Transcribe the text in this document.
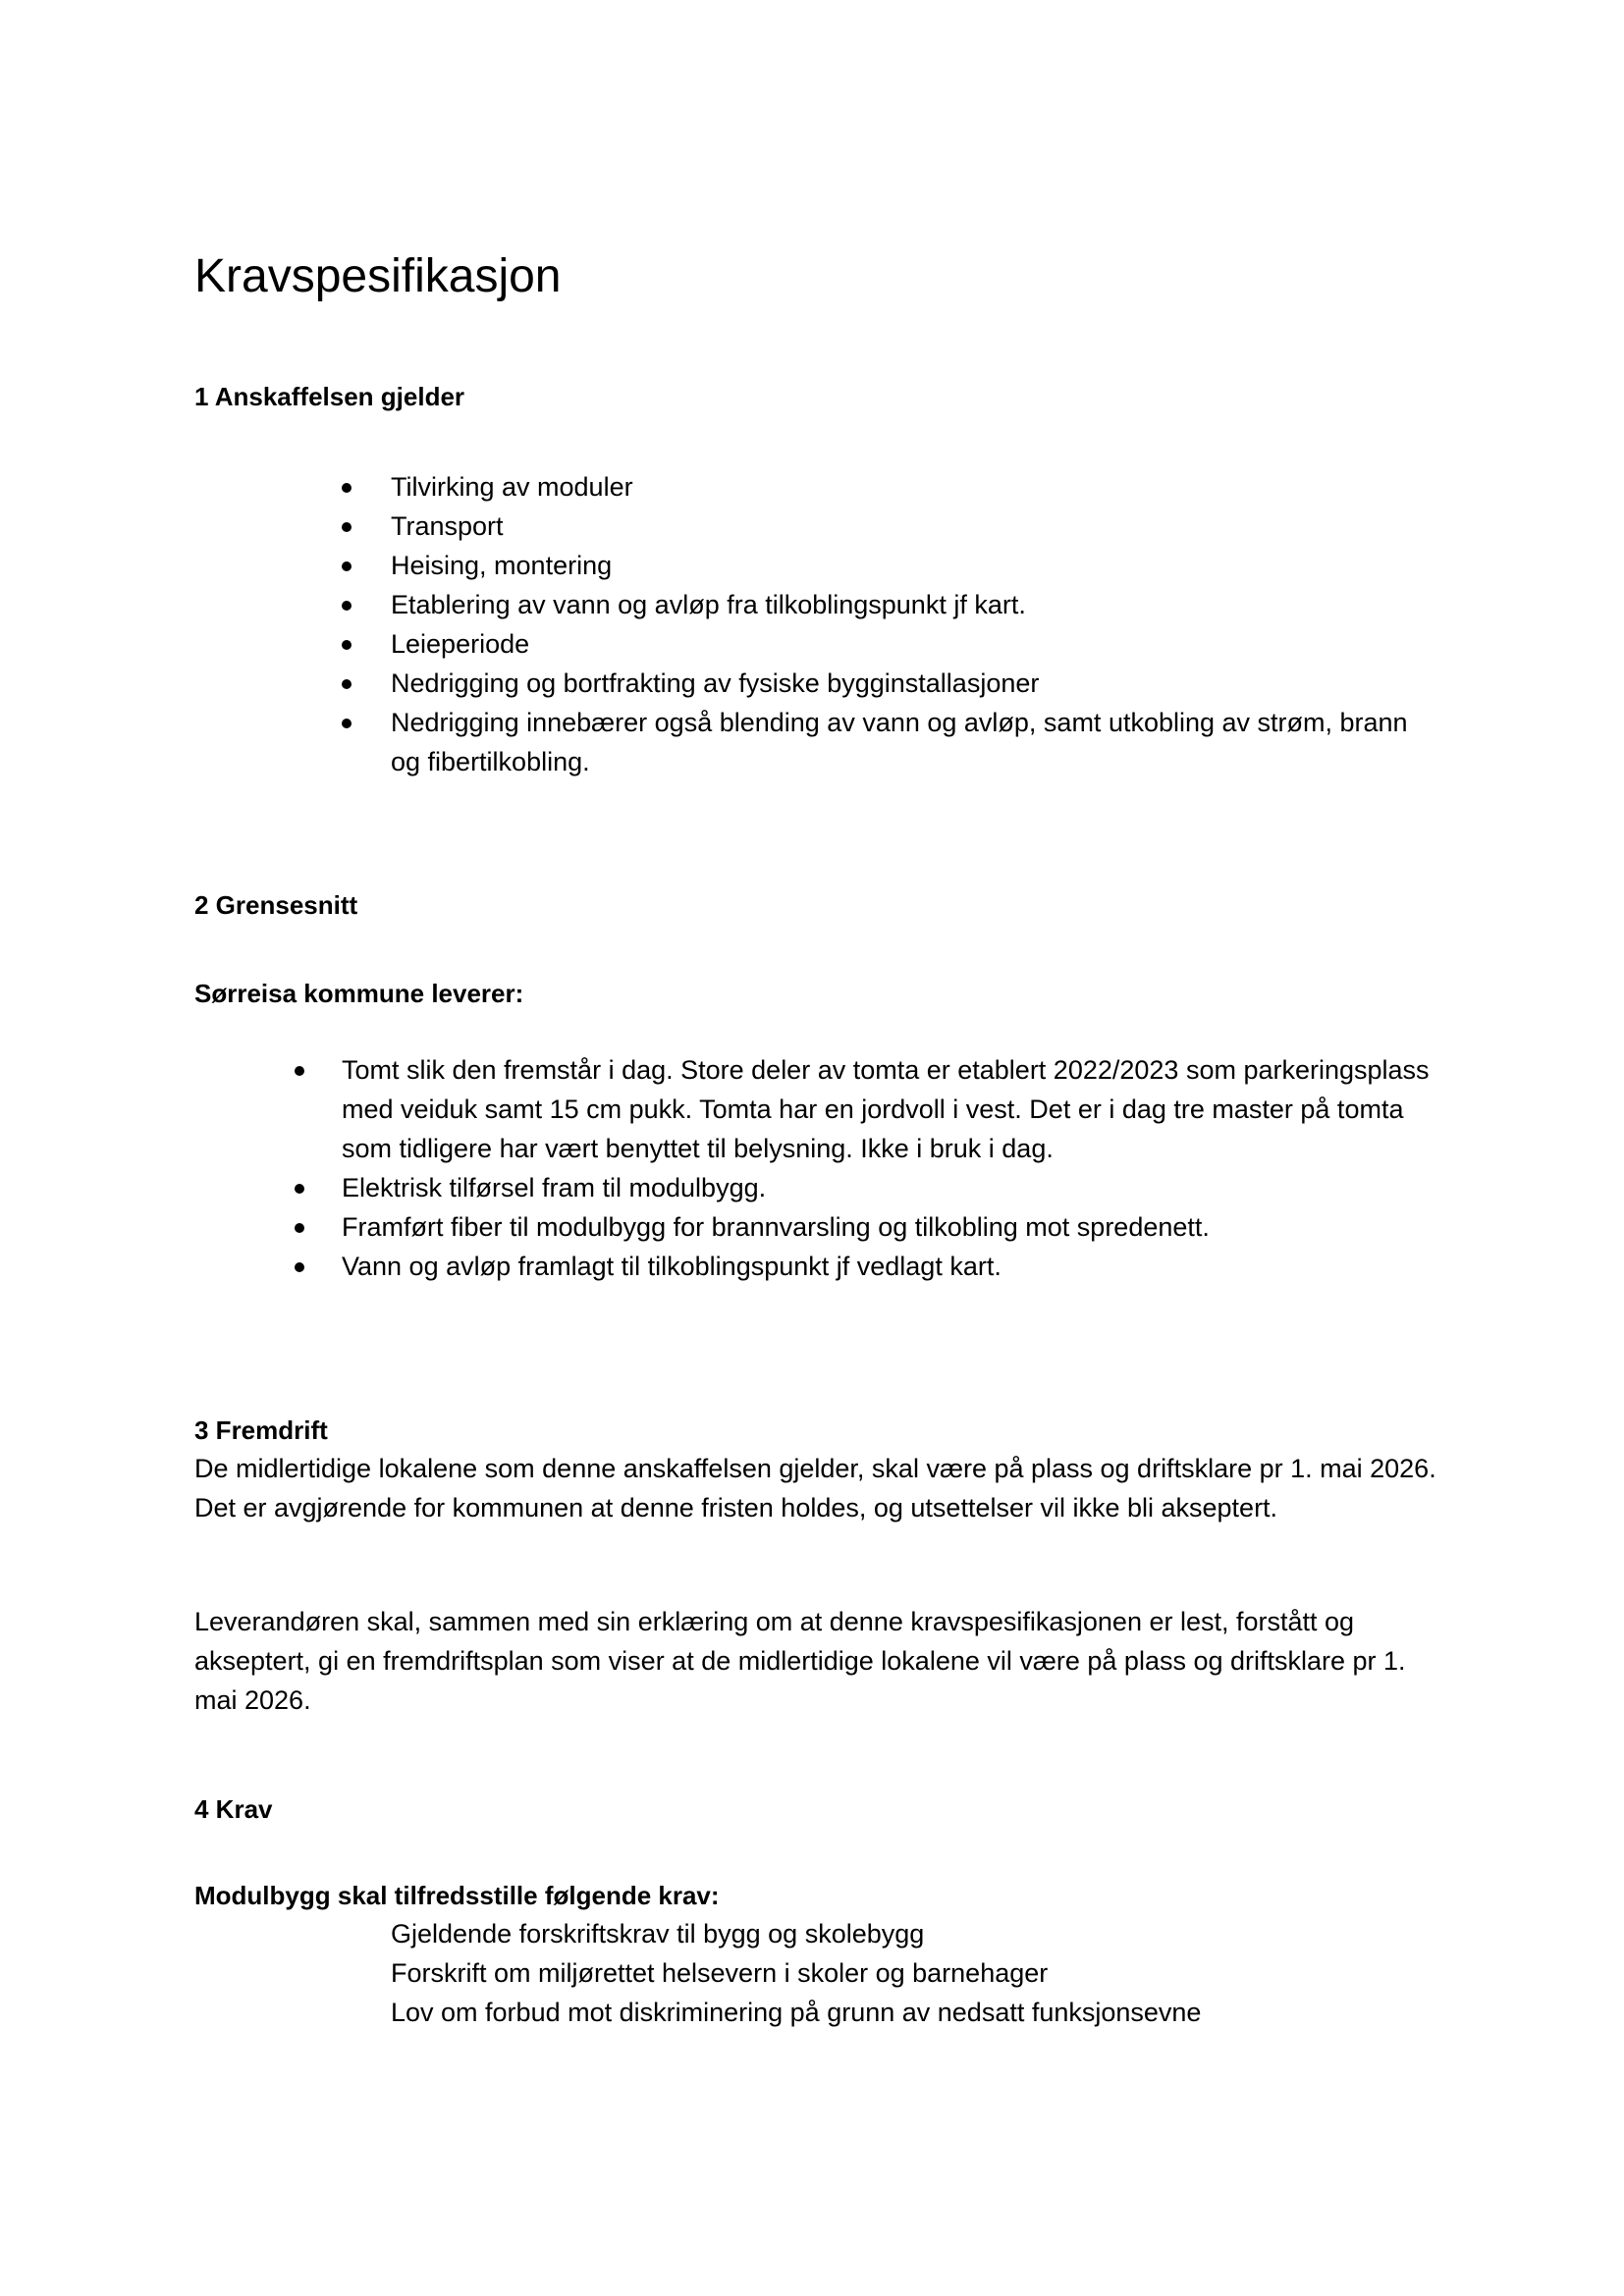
Kravspesifikasjon
1 Anskaffelsen gjelder
Tilvirking av moduler
Transport
Heising, montering
Etablering av vann og avløp fra tilkoblingspunkt jf kart.
Leieperiode
Nedrigging og bortfrakting av fysiske bygginstallasjoner
Nedrigging innebærer også blending av vann og avløp, samt utkobling av strøm, brann og fibertilkobling.
2 Grensesnitt
Sørreisa kommune leverer:
Tomt slik den fremstår i dag. Store deler av tomta er etablert 2022/2023 som parkeringsplass med veiduk samt 15 cm pukk. Tomta har en jordvoll i vest. Det er i dag tre master på tomta som tidligere har vært benyttet til belysning. Ikke i bruk i dag.
Elektrisk tilførsel fram til modulbygg.
Framført fiber til modulbygg for brannvarsling og tilkobling mot spredenett.
Vann og avløp framlagt til tilkoblingspunkt jf vedlagt kart.
3 Fremdrift

De midlertidige lokalene som denne anskaffelsen gjelder, skal være på plass og driftsklare pr 1. mai 2026. Det er avgjørende for kommunen at denne fristen holdes, og utsettelser vil ikke bli akseptert.

Leverandøren skal, sammen med sin erklæring om at denne kravspesifikasjonen er lest, forstått og akseptert, gi en fremdriftsplan som viser at de midlertidige lokalene vil være på plass og driftsklare pr 1. mai 2026.

4 Krav
Modulbygg skal tilfredsstille følgende krav:

Gjeldende forskriftskrav til bygg og skolebygg

Forskrift om miljørettet helsevern i skoler og barnehager

Lov om forbud mot diskriminering på grunn av nedsatt funksjonsevne
